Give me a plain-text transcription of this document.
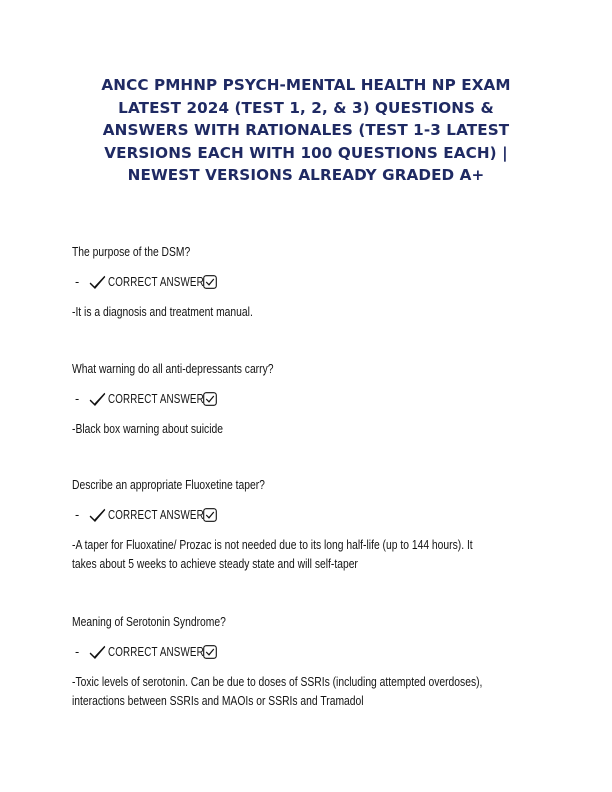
ANCC PMHNP PSYCH-MENTAL HEALTH NP EXAM
LATEST 2024 (TEST 1, 2, & 3) QUESTIONS &
ANSWERS WITH RATIONALES (TEST 1-3 LATEST
VERSIONS EACH WITH 100 QUESTIONS EACH) |
NEWEST VERSIONS ALREADY GRADED A+
The purpose of the DSM?
-	CORRECT ANSWER
-It is a diagnosis and treatment manual.
What warning do all anti-depressants carry?
-	CORRECT ANSWER
-Black box warning about suicide
Describe an appropriate Fluoxetine taper?
-	CORRECT ANSWER
-A taper for Fluoxatine/ Prozac is not needed due to its long half-life (up to 144 hours). It
takes about 5 weeks to achieve steady state and will self-taper
Meaning of Serotonin Syndrome?
-	CORRECT ANSWER
-Toxic levels of serotonin. Can be due to doses of SSRIs (including attempted overdoses),
interactions between SSRIs and MAOIs or SSRIs and Tramadol
